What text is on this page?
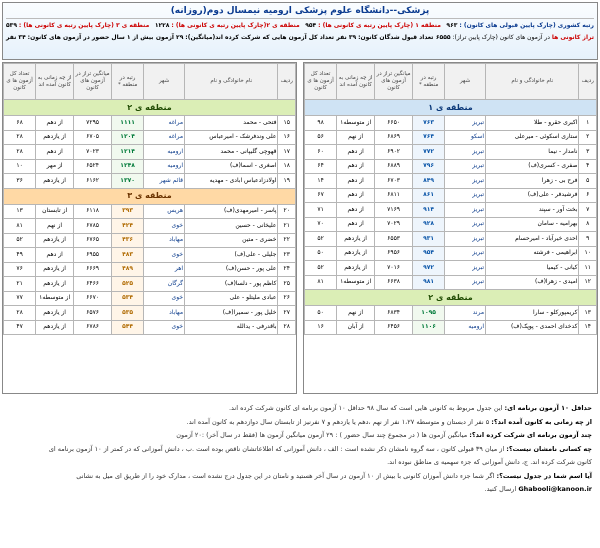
پزشکی--دانشگاه علوم پزشکی ارومیه نیمسال دوم(روزانه)
رتبه کشوری (چارک پایین قبولی های کانون) : ۹۶۳
منطقه ۱ (چارک پایین رتبه ی کانونی ها) : ۹۵۴
منطقه ی ۲(چارک پایین رتبه ی کانونی ها) : ۱۲۲۸
منطقه ی ۳ (چارک پایین رتبه ی کانونی ها) : ۵۳۹
تراز کانونی ها در آزمون های کانون (چارک پایین تراز): ۶۵۵۵
تعداد قبول شدگان کانون: ۳۹ نفر
تعداد کل آزمون هایی که شرکت کرده اند(میانگین): ۲۹ آزمون
بیش از ۱ سال حضور در آزمون های کانون: ۳۴ نفر
ردیف	نام خانوادگی و نام	شهر	رتبه در منطقه *	میانگین تراز در آزمون های کانون	از چه زمانی به کانون آمده اند	تعداد کل آزمون ها ی کانون
منطقه ی ۱						
۱	اکبری حقرو - طلا	تبریز	۷۶۳	۶۶۵۰	از متوسطه۱	۹۸
۲	ستاری اسکوئی - میرعلی	اسکو	۷۶۴	۶۸۶۹	از نهم	۵۶
۳	نامدار - نیما	تبریز	۷۷۲	۶۹۰۲	از دهم	۶۰
۴	صفری - کسری(ف)	تبریز	۷۹۶	۶۸۸۹	از دهم	۶۴
۵	فرح بی - زهرا	تبریز	۸۴۹	۶۷۰۳	از دهم	۱۴
۶	فرشیدفر - علی(ف)	تبریز	۸۶۱	۶۸۱۱	از دهم	۶۷
۷	بخت آور - سپند	تبریز	۹۱۴	۷۱۶۹	از دهم	۷۱
۸	بهرامیه - سامان	تبریز	۹۲۸	۷۰۲۹	از دهم	۷۰
۹	احدی خیرآباد - امیرحسام	تبریز	۹۳۱	۶۵۵۳	از یازدهم	۵۲
۱۰	ابراهیمی - فرشته	تبریز	۹۵۴	۶۹۵۶	از یازدهم	۵۰
۱۱	کیانی - کیمیا	تبریز	۹۷۲	۷۰۱۶	از یازدهم	۵۲
۱۲	امیدی - زهرا(ف)	تبریز	۹۸۱	۶۶۳۸	از متوسطه۱	۸۱
منطقه ی ۲						
۱۳	کریمپورکلو - سارا	مرند	۱۰۹۵	۶۸۳۴	از نهم	۵۰
۱۴	کدخدای احمدی - پوپک(ف)	ارومیه	۱۱۰۶	۶۴۵۶	از آبان	۱۶
ردیف	نام خانوادگی و نام	شهر	رتبه در منطقه *	میانگین تراز در آزمون های کانون	از چه زمانی به کانون آمده اند	تعداد کل آزمون ها ی کانون
منطقه ی ۲						
۱۵	فتحی - محمد	مراغه	۱۱۱۱	۷۲۹۵	از دهم	۶۸
۱۶	علی وندفرشک - امیرعباس	مراغه	۱۲۰۴	۶۷۰۵	از یازدهم	۲۸
۱۷	قهوچی گلیپانی - محمد	ارومیه	۱۲۱۴	۷۰۲۳	از دهم	۲۸
۱۸	اصغری - اسما(ف)	ارومیه	۱۲۴۸	۶۵۲۴	از مهر	۱۰
۱۹	اولادزادعباس ابادی - مهدیه	قائم شهر	۱۳۷۰	۶۱۶۲	از یازدهم	۳۶
منطقه ی ۳						
۲۰	پاسر - امیرمهدی(ف)	هریس	۳۹۳	۶۱۱۸	از تابستان	۱۳
۲۱	علیخانی - حسین	خوی	۴۲۴	۶۷۸۵	از نهم	۸۱
۲۲	خضری - متین	مهاباد	۴۳۶	۶۷۶۵	از یازدهم	۵۲
۲۳	جلیلی - علی(ف)	خوی	۴۸۳	۶۹۵۵	از دهم	۴۹
۲۴	علی پور - حسن(ف)	اهر	۴۸۹	۶۶۶۹	از یازدهم	۷۶
۲۵	کاظم پور - دلسا(ف)	گرگان	۵۲۵	۶۴۶۶	از یازدهم	۲۱
۲۶	عبادی ملیتلو - علی	خوی	۵۳۴	۶۶۷۰	از متوسطه۱	۷۷
۲۷	خلیل پور - سمیرا(ف)	مهاباد	۵۳۵	۶۵۷۶	از یازدهم	۲۸
۲۸	باقدرفی - یدالله	خوی	۵۴۴	۶۷۸۶	از یازدهم	۴۷

حداقل ۱۰ آزمون برنامه ای: این جدول مربوط به کانونی هایی است که سال ۹۸ حداقل ۱۰ آزمون برنامه ای کانون شرکت کرده اند.

از چه زمانی به کانون آمده اند؟: ۵ نفر از دبستان و متوسطه ۱،۲۷ نفر از نهم ،دهم یا یازدهم و ۷ نفرنیز از تابستان سال دوازدهم به کانون آمده اند.

چند آزمون برنامه ای شرکت کرده اند؟: میانگین آزمون ها ( در مجموع چند سال حضور ) : ۲۹ آزمون میانگین آزمون ها (فقط در سال آخر) :۲۰ آزمون

چه کسانی نامشان نیست؟: از میان ۳۹ قبولی کانون ، سه گروه نامشان ذکر نشده است : الف ، دانش آموزانی که اطلاعاتشان ناقص بوده است .ب ، دانش آموزانی که در کمتر از ۱۰ آزمون برنامه ای

کانون شرکت کرده اند. ج، دانش آموزانی که جزء سهمیه ی مناطق نبوده اند.

آیا اسم شما در جدول نیست؟: اگر شما جزء دانش آموزان کانونی با بیش از ۱۰ آزمون در سال آخر هستید و نامتان در این جدول درج نشده است ، مدارک خود را از طریق ای میل به نشانی

Ghabooli@kanoon.ir ارسال کنید.
